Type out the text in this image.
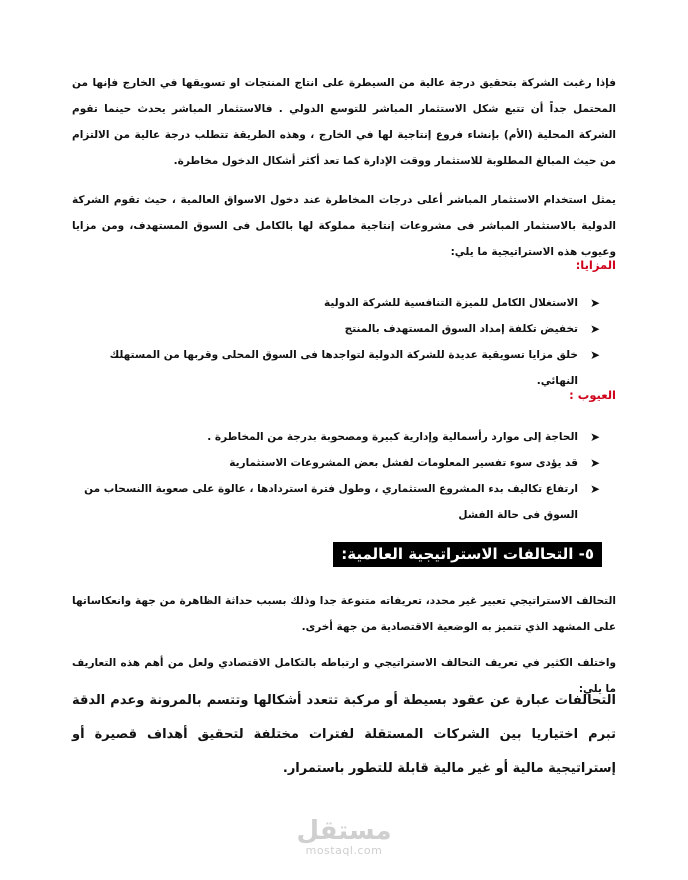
فإذا رغبت الشركة بتحقيق درجة عالية من السيطرة على انتاج المنتجات او تسويقها في الخارج فإنها من المحتمل جداً أن تتبع شكل الاستثمار المباشر للتوسع الدولي . فالاستثمار المباشر يحدث حينما تقوم الشركة المحلية (الأم) بإنشاء فروع إنتاجية لها في الخارج ، وهذه الطريقة تتطلب درجة عالية من الالتزام من حيث المبالغ المطلوبة للاستثمار ووقت الإدارة كما تعد أكثر أشكال الدخول مخاطرة.

يمثل استخدام الاستثمار المباشر أعلى درجات المخاطرة عند دخول الاسواق العالمية ، حيث تقوم الشركة الدولية بالاستثمار المباشر فى مشروعات إنتاجية مملوكة لها بالكامل فى السوق المستهدف، ومن مزايا وعيوب هذه الاستراتيجية ما يلي:

المزايا:
➤
الاستغلال الكامل للميزة التنافسية للشركة الدولية
➤
تخفيض تكلفة إمداد السوق المستهدف بالمنتج
➤
خلق مزايا تسويقية عديدة للشركة الدولية لتواجدها فى السوق المحلى وقربها من المستهلك النهائي.
العيوب :
➤
الحاجة إلى موارد رأسمالية وإدارية كبيرة ومصحوبة بدرجة من المخاطرة .
➤
قد يؤدى سوء تفسير المعلومات لفشل بعض المشروعات الاستثمارية
➤
ارتفاع تكاليف بدء المشروع الستثماري ، وطول فترة استردادها ، عالوة على صعوبة االنسحاب من السوق فى حالة الفشل
٥- التحالفات الاستراتيجية العالمية:

التحالف الاستراتيجي تعبير غير محدد، تعريفاته متنوعة جدا وذلك بسبب حداثة الظاهرة من جهة وانعكاساتها على المشهد الذي تتميز به الوضعية الاقتصادية من جهة أخرى.

واختلف الكثير في تعريف التحالف الاستراتيجي و ارتباطه بالتكامل الاقتصادي ولعل من أهم هذه التعاريف ما يلي:

التحالفات عبارة عن عقود بسيطة أو مركبة تتعدد أشكالها وتتسم بالمرونة وعدم الدقة تبرم اختياريا بين الشركات المستقلة لفترات مختلفة لتحقيق أهداف قصيرة أو إستراتيجية مالية أو غير مالية قابلة للتطور باستمرار.

مستقل
mostaql.com
